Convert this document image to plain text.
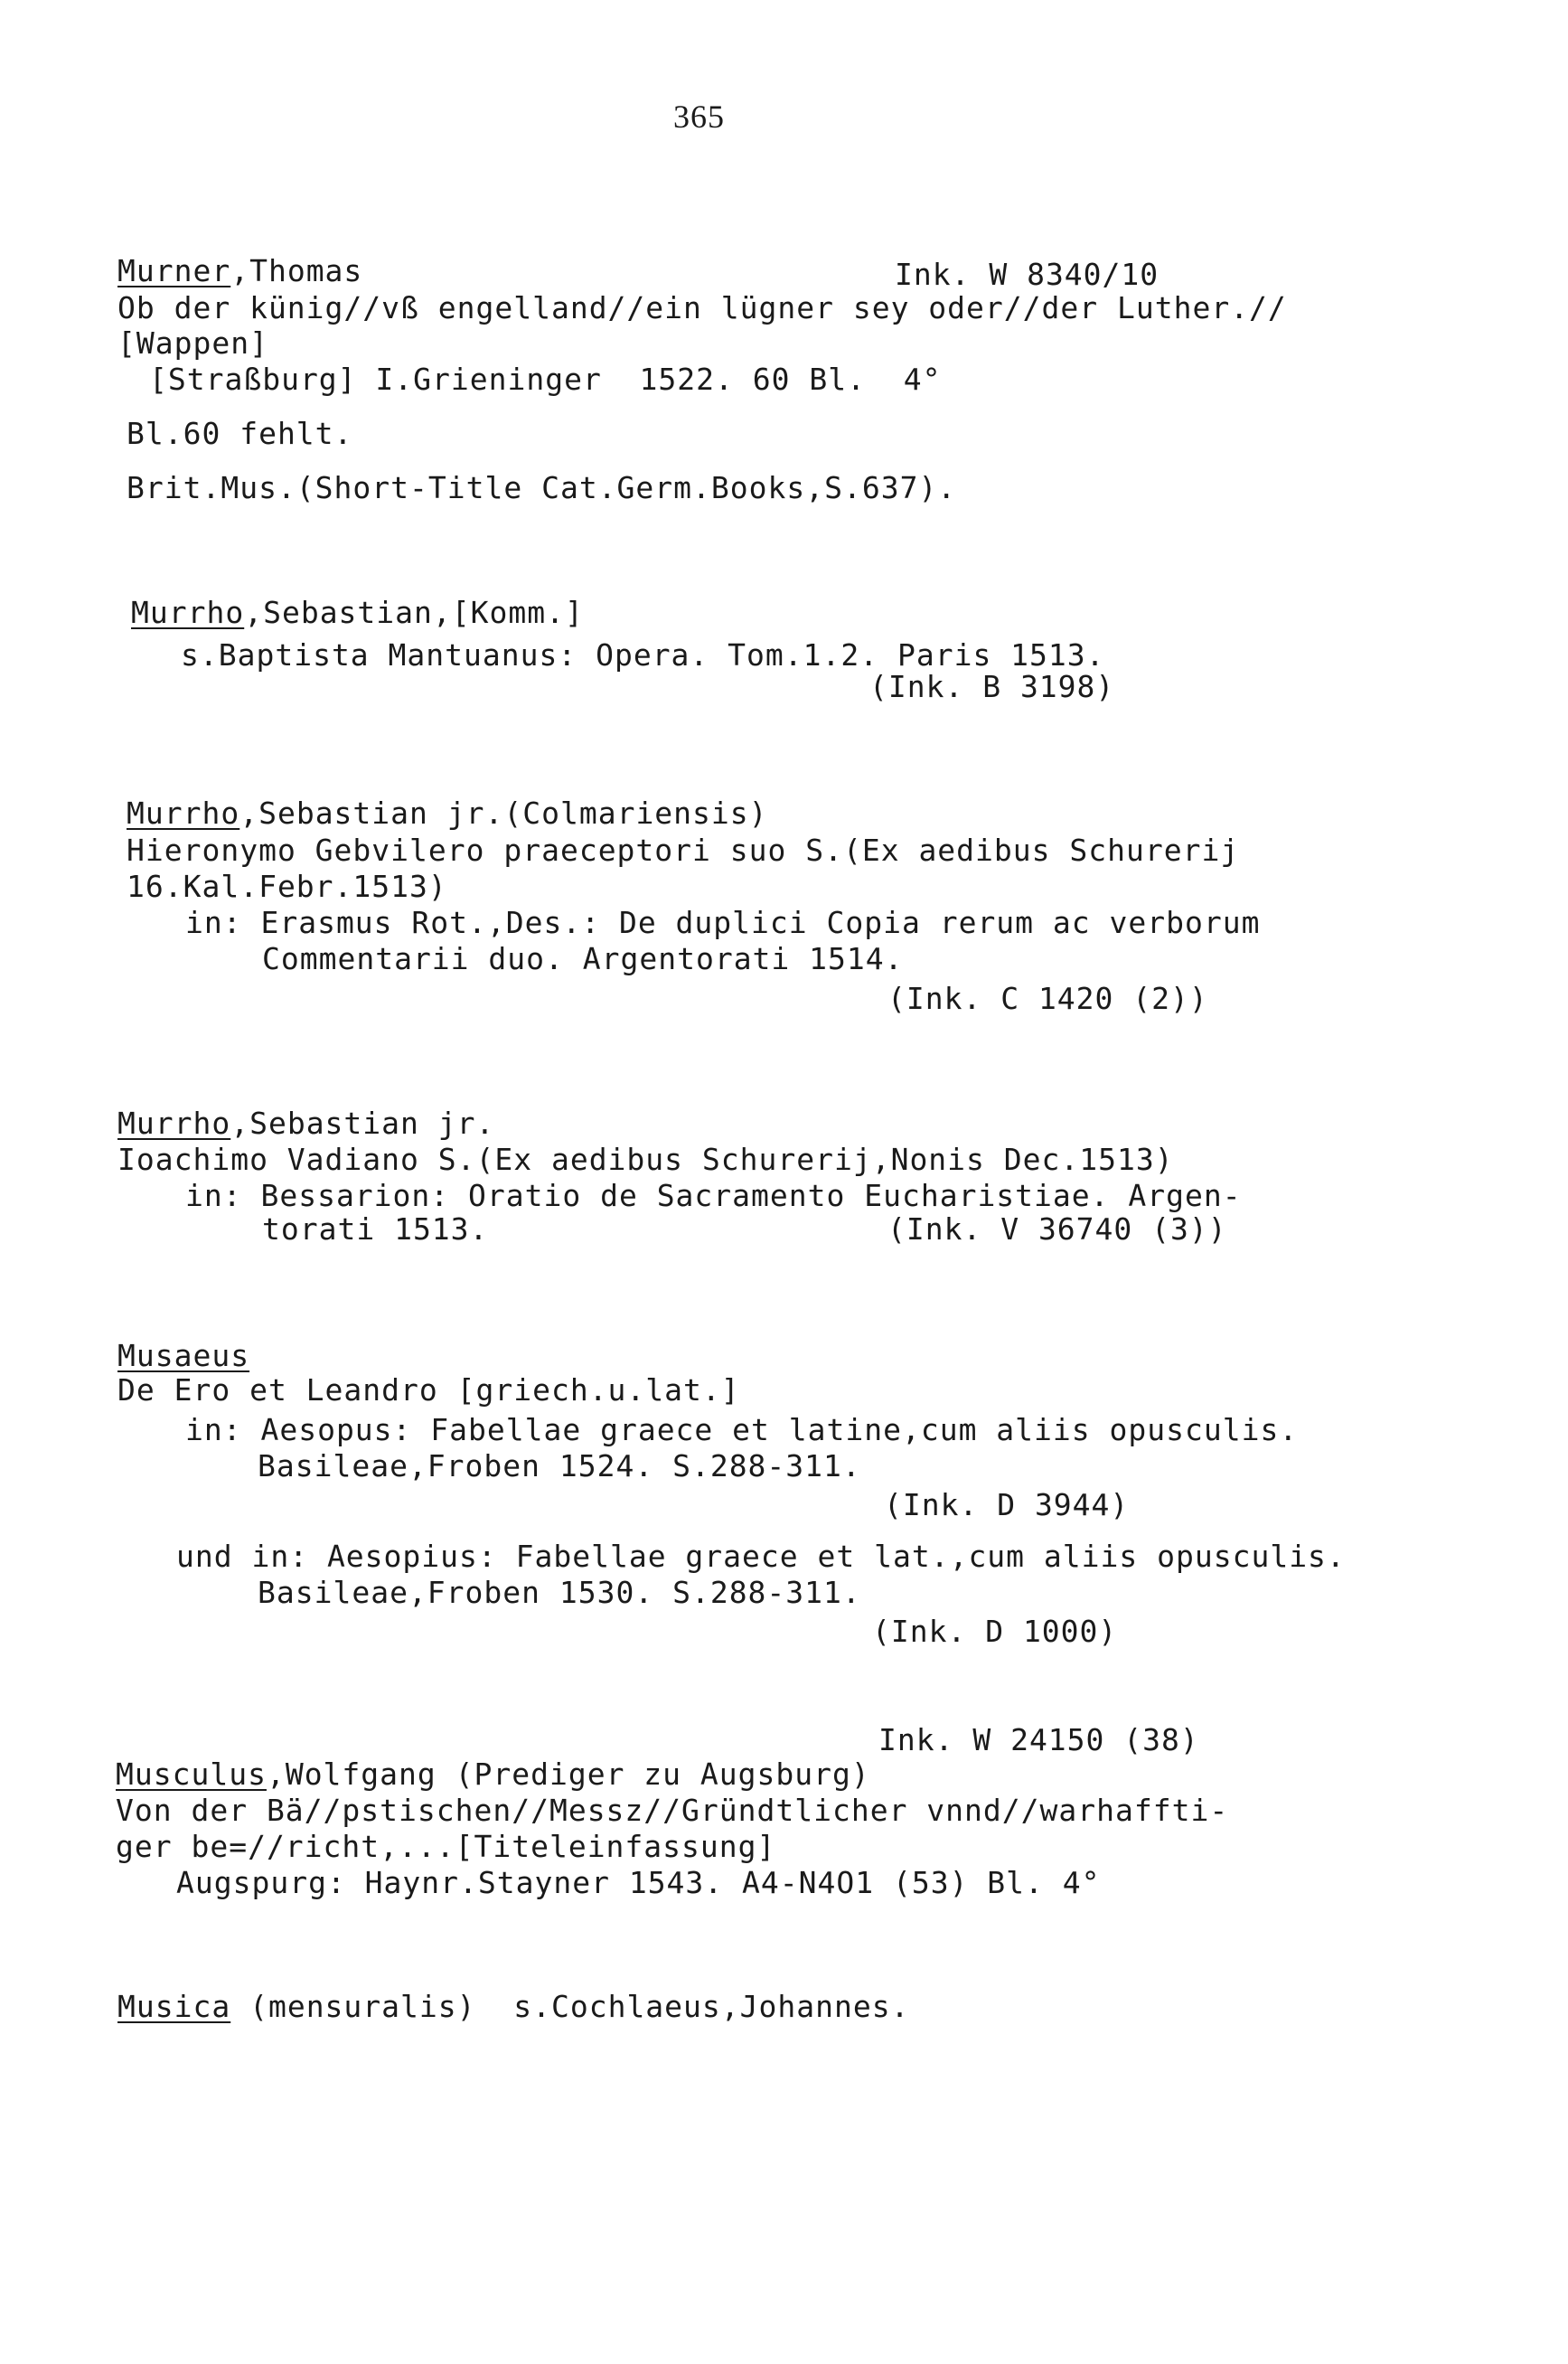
365
Murner,Thomas	Ink. W 8340/10
Ob der künig//vß engelland//ein lügner sey oder//der Luther.//
[Wappen]
[Straßburg] I.Grieninger  1522. 60 Bl.  4°
Bl.60 fehlt.
Brit.Mus.(Short-Title Cat.Germ.Books,S.637).
Murrho,Sebastian,[Komm.]
s.Baptista Mantuanus: Opera. Tom.1.2. Paris 1513.
(Ink. B 3198)
Murrho,Sebastian jr.(Colmariensis)
Hieronymo Gebvilero praeceptori suo S.(Ex aedibus Schurerij
16.Kal.Febr.1513)
in: Erasmus Rot.,Des.: De duplici Copia rerum ac verborum
Commentarii duo. Argentorati 1514.
(Ink. C 1420 (2))
Murrho,Sebastian jr.
Ioachimo Vadiano S.(Ex aedibus Schurerij,Nonis Dec.1513)
in: Bessarion: Oratio de Sacramento Eucharistiae. Argen-
torati 1513.	(Ink. V 36740 (3))
Musaeus
De Ero et Leandro [griech.u.lat.]
in: Aesopus: Fabellae graece et latine,cum aliis opusculis.
Basileae,Froben 1524. S.288-311.
(Ink. D 3944)
und in: Aesopius: Fabellae graece et lat.,cum aliis opusculis.
Basileae,Froben 1530. S.288-311.
(Ink. D 1000)
Ink. W 24150 (38)
Musculus,Wolfgang (Prediger zu Augsburg)
Von der Bä//pstischen//Messz//Gründtlicher vnnd//warhaffti-
ger be=//richt,...[Titeleinfassung]
Augspurg: Haynr.Stayner 1543. A4-N4O1 (53) Bl. 4°
Musica (mensuralis)  s.Cochlaeus,Johannes.
